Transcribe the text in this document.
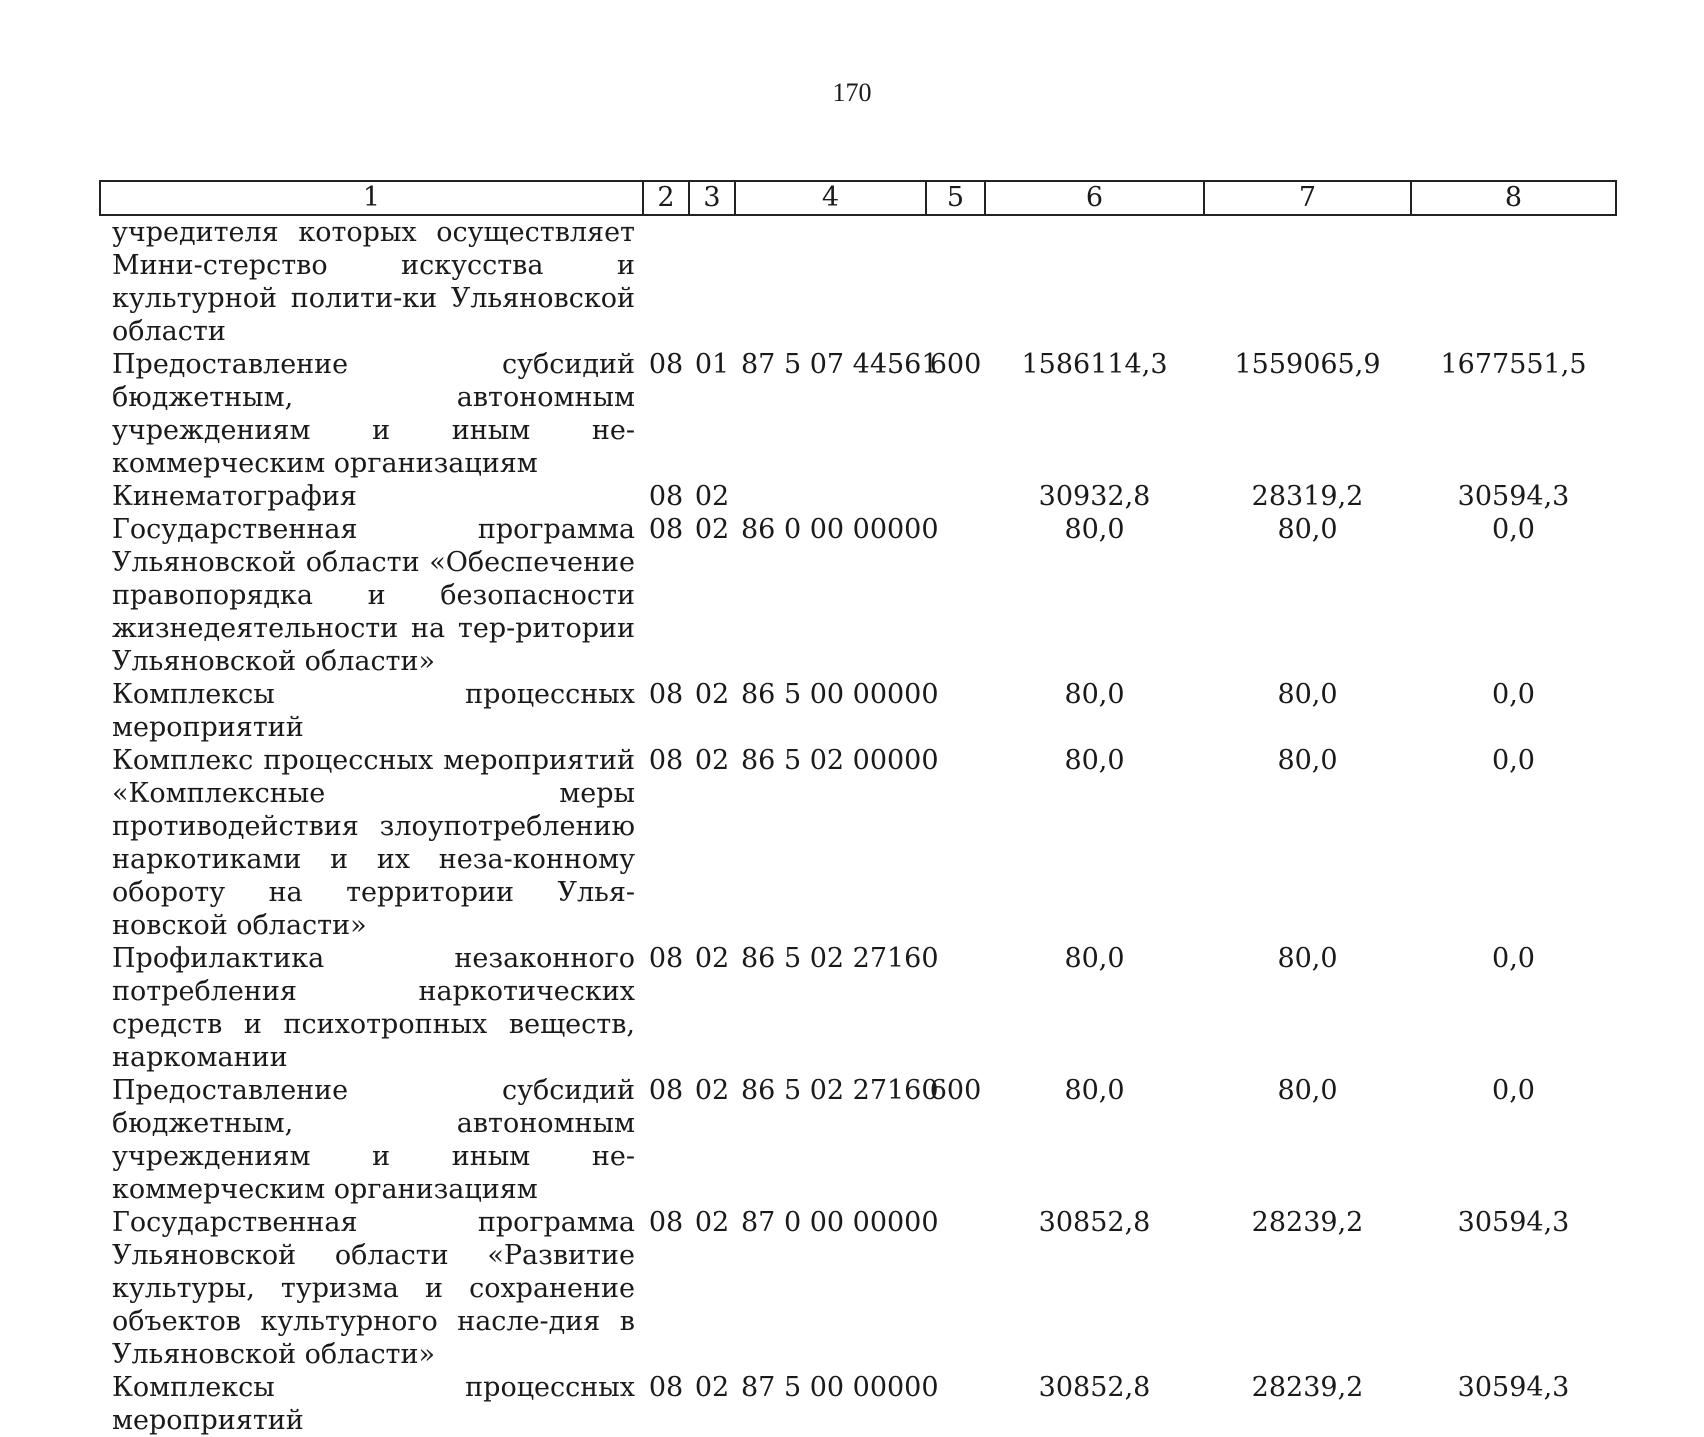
170
1	2	3	4	5	6	7	8
учредителя которых осуществляет Мини-стерство искусства и культурной полити-ки Ульяновской области							
Предоставление субсидий бюджетным, автономным учреждениям и иным не-коммерческим организациям	08	01	87 5 07 44561	600	1586114,3	1559065,9	1677551,5
Кинематография	08	02			30932,8	28319,2	30594,3
Государственная программа Ульяновской области «Обеспечение правопорядка и безопасности жизнедеятельности на тер-ритории Ульяновской области»	08	02	86 0 00 00000		80,0	80,0	0,0
Комплексы процессных мероприятий	08	02	86 5 00 00000		80,0	80,0	0,0
Комплекс процессных мероприятий «Комплексные меры противодействия злоупотреблению наркотиками и их неза-конному обороту на территории Улья-новской области»	08	02	86 5 02 00000		80,0	80,0	0,0
Профилактика незаконного потребления наркотических средств и психотропных веществ, наркомании	08	02	86 5 02 27160		80,0	80,0	0,0
Предоставление субсидий бюджетным, автономным учреждениям и иным не-коммерческим организациям	08	02	86 5 02 27160	600	80,0	80,0	0,0
Государственная программа Ульяновской области «Развитие культуры, туризма и сохранение объектов культурного насле-дия в Ульяновской области»	08	02	87 0 00 00000		30852,8	28239,2	30594,3
Комплексы процессных мероприятий	08	02	87 5 00 00000		30852,8	28239,2	30594,3
